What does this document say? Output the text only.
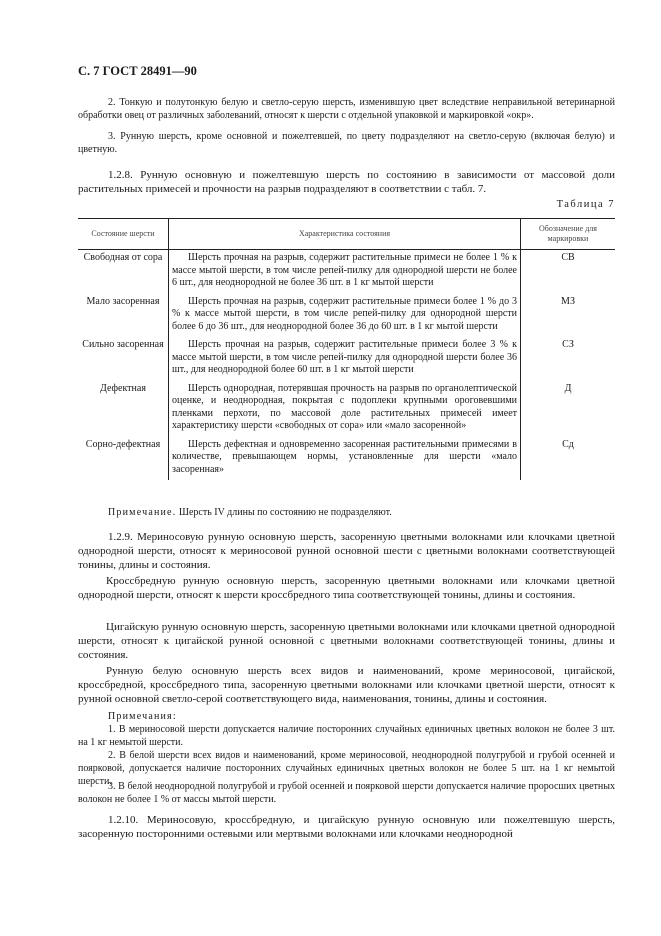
С. 7 ГОСТ 28491—90

2. Тонкую и полутонкую белую и светло-серую шерсть, изменившую цвет вследствие неправильной ветеринарной обработки овец от различных заболеваний, относят к шерсти с отдельной упаковкой и маркировкой «окр».

3. Рунную шерсть, кроме основной и пожелтевшей, по цвету подразделяют на светло-серую (включая белую) и цветную.

1.2.8. Рунную основную и пожелтевшую шерсть по состоянию в зависимости от массовой доли растительных примесей и прочности на разрыв подразделяют в соответствии с табл. 7.

Таблица 7
Состояние шерсти	Характеристика состояния	Обозначение для маркировки
Свободная от сора	Шерсть прочная на разрыв, содержит растительные примеси не более 1 % к массе мытой шерсти, в том числе репей-пилку для однородной шерсти не более 6 шт., для неоднородной не более 36 шт. в 1 кг мытой шерсти	СВ
Мало засоренная	Шерсть прочная на разрыв, содержит растительные примеси более 1 % до 3 % к массе мытой шерсти, в том числе репей-пилку для однородной шерсти более 6 до 36 шт., для неоднородной более 36 до 60 шт. в 1 кг мытой шерсти	МЗ
Сильно засоренная	Шерсть прочная на разрыв, содержит растительные примеси более 3 % к массе мытой шерсти, в том числе репей-пилку для однородной шерсти более 36 шт., для неоднородной более 60 шт. в 1 кг мытой шерсти	СЗ
Дефектная	Шерсть однородная, потерявшая прочность на разрыв по органолептической оценке, и неоднородная, покрытая с подоплеки крупными ороговевшими пленками перхоти, по массовой доле растительных примесей имеет характеристику шерсти «свободных от сора» или «мало засоренной»	Д
Сорно-дефектная	Шерсть дефектная и одновременно засоренная растительными примесями в количестве, превышающем нормы, установленные для шерсти «мало засоренная»	Сд

Примечание. Шерсть IV длины по состоянию не подразделяют.

1.2.9. Мериносовую рунную основную шерсть, засоренную цветными волокнами или клочками цветной однородной шерсти, относят к мериносовой рунной основной шести с цветными волокнами соответствующей тонины, длины и состояния.

Кроссбредную рунную основную шерсть, засоренную цветными волокнами или клочками цветной однородной шерсти, относят к шерсти кроссбредного типа соответствующей тонины, длины и состояния.

Цигайскую рунную основную шерсть, засоренную цветными волокнами или клочками цветной однородной шерсти, относят к цигайской рунной основной с цветными волокнами соответствующей тонины, длины и состояния.

Рунную белую основную шерсть всех видов и наименований, кроме мериносовой, цигайской, кроссбредной, кроссбредного типа, засоренную цветными волокнами или клочками цветной шерсти, относят к рунной основной светло-серой соответствующего вида, наименования, тонины, длины и состояния.

Примечания:

1. В мериносовой шерсти допускается наличие посторонних случайных единичных цветных волокон не более 3 шт. на 1 кг немытой шерсти.

2. В белой шерсти всех видов и наименований, кроме мериносовой, неоднородной полугрубой и грубой осенней и поярковой, допускается наличие посторонних случайных единичных цветных волокон не более 5 шт. на 1 кг немытой шерсти.

3. В белой неоднородной полугрубой и грубой осенней и поярковой шерсти допускается наличие проросших цветных волокон не более 1 % от массы мытой шерсти.

1.2.10. Мериносовую, кроссбредную, и цигайскую рунную основную или пожелтевшую шерсть, засоренную посторонними остевыми или мертвыми волокнами или клочками неоднородной
